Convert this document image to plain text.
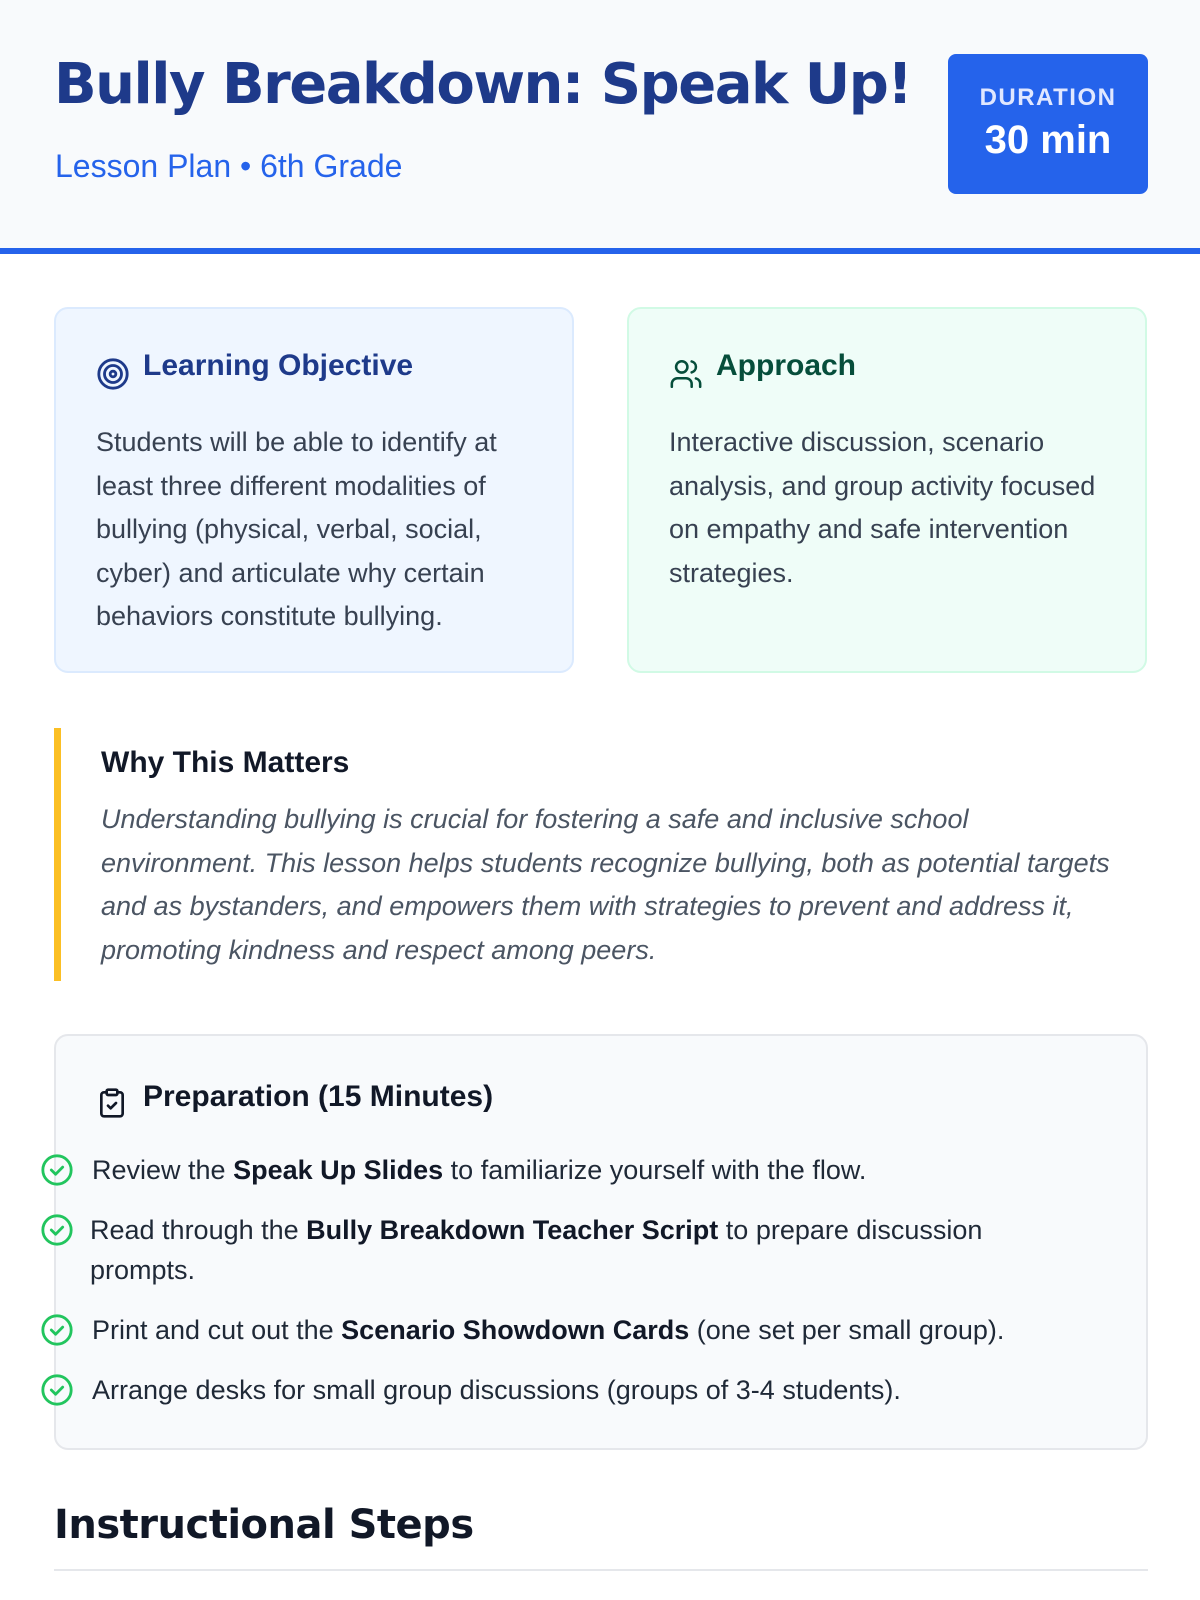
Bully Breakdown: Speak Up!
Lesson Plan • 6th Grade
DURATION
30 min
Learning Objective
Students will be able to identify at least three different modalities of bullying (physical, verbal, social, cyber) and articulate why certain behaviors constitute bullying.
Approach
Interactive discussion, scenario analysis, and group activity focused on empathy and safe intervention strategies.
Why This Matters
Understanding bullying is crucial for fostering a safe and inclusive school environment. This lesson helps students recognize bullying, both as potential targets and as bystanders, and empowers them with strategies to prevent and address it, promoting kindness and respect among peers.
Preparation (15 Minutes)
Review the Speak Up Slides to familiarize yourself with the flow.
Read through the Bully Breakdown Teacher Script to prepare discussion prompts.
Print and cut out the Scenario Showdown Cards (one set per small group).
Arrange desks for small group discussions (groups of 3-4 students).
Instructional Steps
